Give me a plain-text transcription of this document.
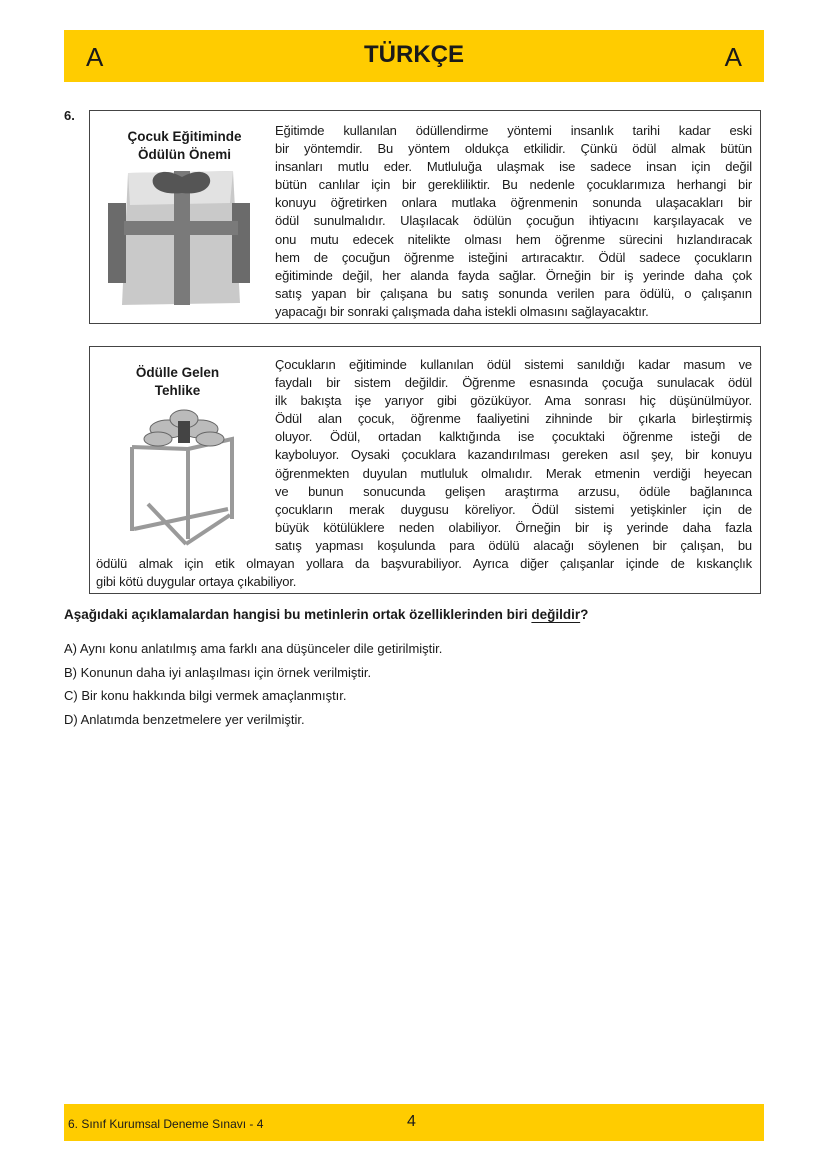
A	TÜRKÇE	A
6.
Çocuk Eğitiminde
Ödülün Önemi
Eğitimde kullanılan ödüllendirme yöntemi insanlık tarihi kadar eski
bir yöntemdir. Bu yöntem oldukça etkilidir. Çünkü ödül almak bütün
insanları mutlu eder. Mutluluğa ulaşmak ise sadece insan için değil
bütün canlılar için bir gerekliliktir. Bu nedenle çocuklarımıza herhangi bir
konuyu öğretirken onlara mutlaka öğrenmenin sonunda ulaşacakları bir
ödül sunulmalıdır. Ulaşılacak ödülün çocuğun ihtiyacını karşılayacak ve
onu mutu edecek nitelikte olması hem öğrenme sürecini hızlandıracak
hem de çocuğun öğrenme isteğini artıracaktır. Ödül sadece çocukların
eğitiminde değil, her alanda fayda sağlar. Örneğin bir iş yerinde daha çok
satış yapan bir çalışana bu satış sonunda verilen para ödülü, o çalışanın
yapacağı bir sonraki çalışmada daha istekli olmasını sağlayacaktır.
Ödülle Gelen
Tehlike
Çocukların eğitiminde kullanılan ödül sistemi sanıldığı kadar masum ve
faydalı bir sistem değildir. Öğrenme esnasında çocuğa sunulacak ödül
ilk bakışta işe yarıyor gibi gözüküyor. Ama sonrası hiç düşünülmüyor.
Ödül alan çocuk, öğrenme faaliyetini zihninde bir çıkarla birleştirmiş
oluyor. Ödül, ortadan kalktığında ise çocuktaki öğrenme isteği de
kayboluyor. Oysaki çocuklara kazandırılması gereken asıl şey, bir konuyu
öğrenmekten duyulan mutluluk olmalıdır. Merak etmenin verdiği heyecan
ve bunun sonucunda gelişen araştırma arzusu, ödüle bağlanınca
çocukların merak duygusu köreliyor. Ödül sistemi yetişkinler için de
büyük kötülüklere neden olabiliyor. Örneğin bir iş yerinde daha fazla
satış yapması koşulunda para ödülü alacağı söylenen bir çalışan, bu
ödülü almak için etik olmayan yollara da başvurabiliyor. Ayrıca diğer çalışanlar içinde de kıskançlık
gibi kötü duygular ortaya çıkabiliyor.
Aşağıdaki açıklamalardan hangisi bu metinlerin ortak özelliklerinden biri değildir?
A) Aynı konu anlatılmış ama farklı ana düşünceler dile getirilmiştir.
B) Konunun daha iyi anlaşılması için örnek verilmiştir.
C) Bir konu hakkında bilgi vermek amaçlanmıştır.
D) Anlatımda benzetmelere yer verilmiştir.
6. Sınıf Kurumsal Deneme Sınavı - 4	4
